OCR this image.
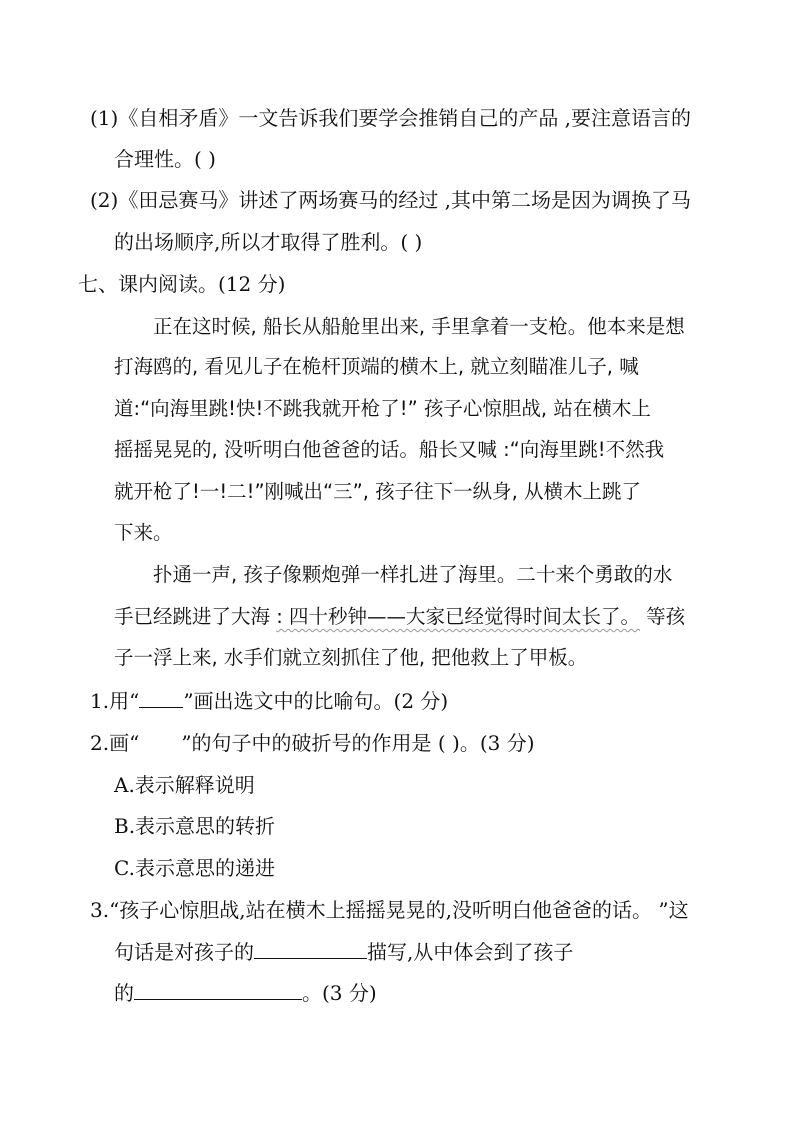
(1)《自相矛盾》一文告诉我们要学会推销自己的产品 ,要注意语言的
合理性。( )
(2)《田忌赛马》讲述了两场赛马的经过 ,其中第二场是因为调换了马
的出场顺序,所以才取得了胜利。( )
七、课内阅读。(12 分)
正在这时候, 船长从船舱里出来, 手里拿着一支枪。他本来是想
打海鸥的, 看见儿子在桅杆顶端的横木上, 就立刻瞄准儿子, 喊
道:“向海里跳!快!不跳我就开枪了!” 孩子心惊胆战, 站在横木上
摇摇晃晃的, 没听明白他爸爸的话。船长又喊 :“向海里跳!不然我
就开枪了!一!二!”刚喊出“三”, 孩子往下一纵身, 从横木上跳了
下来。
扑通一声, 孩子像颗炮弹一样扎进了海里。二十来个勇敢的水
手已经跳进了大海 : 四十秒钟——大家已经觉得时间太长了。 等孩
子一浮上来, 水手们就立刻抓住了他, 把他救上了甲板。
1.用“ ”画出选文中的比喻句。(2 分)
2.画“ ”的句子中的破折号的作用是 ( )。(3 分)
A.表示解释说明
B.表示意思的转折
C.表示意思的递进
3.“孩子心惊胆战,站在横木上摇摇晃晃的,没听明白他爸爸的话。 ”这
句话是对孩子的	描写,从中体会到了孩子
的	。(3 分)
